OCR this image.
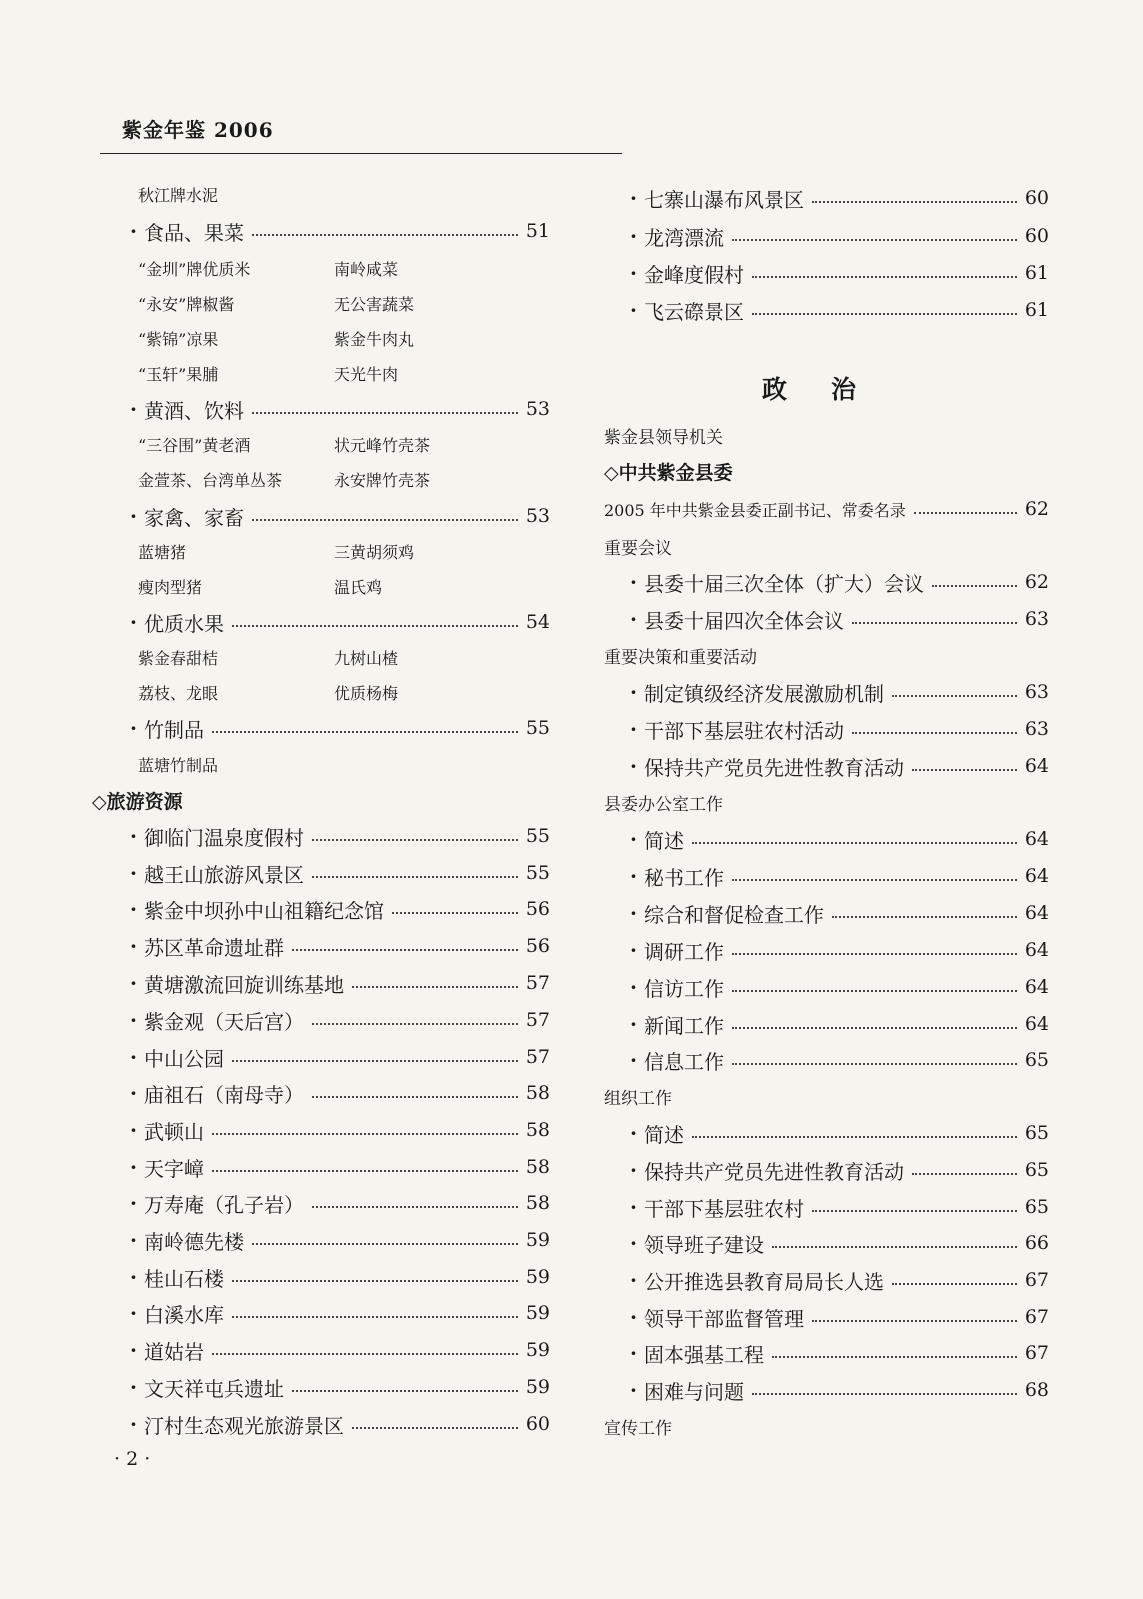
紫金年鉴 2006
秋江牌水泥
· 食品、果菜	51
“金圳”牌优质米	南岭咸菜
“永安”牌椒酱	无公害蔬菜
“紫锦”凉果	紫金牛肉丸
“玉轩”果脯	天光牛肉
· 黄酒、饮料	53
“三谷围”黄老酒	状元峰竹壳茶
金萱茶、台湾单丛茶	永安牌竹壳茶
· 家禽、家畜	53
蓝塘猪	三黄胡须鸡
瘦肉型猪	温氏鸡
· 优质水果	54
紫金春甜桔	九树山楂
荔枝、龙眼	优质杨梅
· 竹制品	55
蓝塘竹制品
◇旅游资源
· 御临门温泉度假村	55
· 越王山旅游风景区	55
· 紫金中坝孙中山祖籍纪念馆	56
· 苏区革命遗址群	56
· 黄塘激流回旋训练基地	57
· 紫金观（天后宫）	57
· 中山公园	57
· 庙祖石（南母寺）	58
· 武顿山	58
· 天字嶂	58
· 万寿庵（孔子岩）	58
· 南岭德先楼	59
· 桂山石楼	59
· 白溪水库	59
· 道姑岩	59
· 文天祥屯兵遗址	59
· 汀村生态观光旅游景区	60
政治
· 七寨山瀑布风景区	60
· 龙湾漂流	60
· 金峰度假村	61
· 飞云磜景区	61
紫金县领导机关
◇中共紫金县委
2005 年中共紫金县委正副书记、常委名录	62
重要会议
· 县委十届三次全体（扩大）会议	62
· 县委十届四次全体会议	63
重要决策和重要活动
· 制定镇级经济发展激励机制	63
· 干部下基层驻农村活动	63
· 保持共产党员先进性教育活动	64
县委办公室工作
· 简述	64
· 秘书工作	64
· 综合和督促检查工作	64
· 调研工作	64
· 信访工作	64
· 新闻工作	64
· 信息工作	65
组织工作
· 简述	65
· 保持共产党员先进性教育活动	65
· 干部下基层驻农村	65
· 领导班子建设	66
· 公开推选县教育局局长人选	67
· 领导干部监督管理	67
· 固本强基工程	67
· 困难与问题	68
宣传工作
· 2 ·
